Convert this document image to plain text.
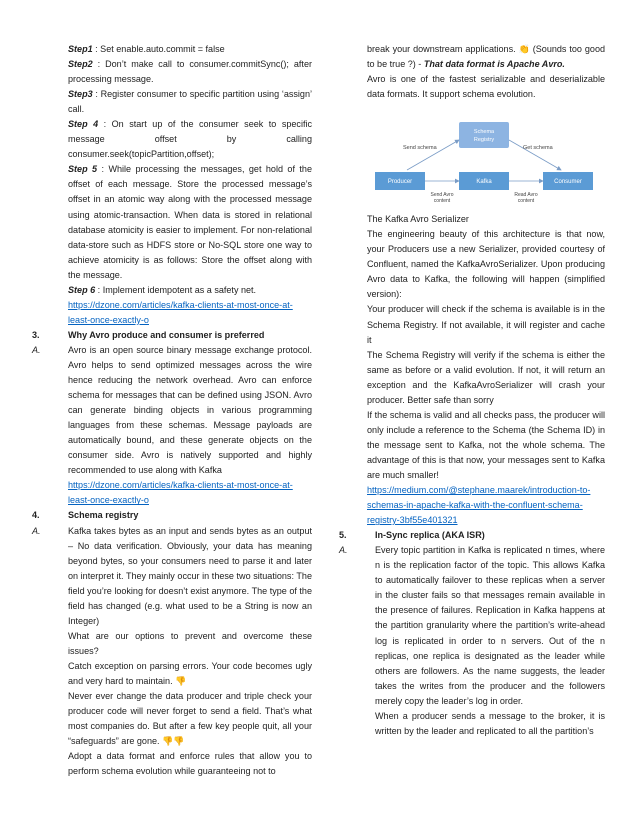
Step1 : Set enable.auto.commit = false

Step2 : Don’t make call to consumer.commitSync(); after processing message.

Step3 : Register consumer to specific partition using ‘assign’ call.

Step 4 : On start up of the consumer seek to specific message offset by calling consumer.seek(topicPartition,offset);

Step 5 : While processing the messages, get hold of the offset of each message. Store the processed message’s offset in an atomic way along with the processed message using atomic-transaction. When data is stored in relational database atomicity is easier to implement. For non-relational data-store such as HDFS store or No-SQL store one way to achieve atomicity is as follows: Store the offset along with the message.

Step 6 : Implement idempotent as a safety net.

https://dzone.com/articles/kafka-clients-at-most-once-at-least-once-exactly-o

3.	Why Avro produce and consumer is preferred

A.	Avro is an open source binary message exchange protocol. Avro helps to send optimized messages across the wire hence reducing the network overhead. Avro can enforce schema for messages that can be defined using JSON. Avro can generate binding objects in various programming languages from these schemas. Message payloads are automatically bound, and these generate objects on the consumer side. Avro is natively supported and highly recommended to use along with Kafka

https://dzone.com/articles/kafka-clients-at-most-once-at-least-once-exactly-o

4.	Schema registry

A.	Kafka takes bytes as an input and sends bytes as an output – No data verification. Obviously, your data has meaning beyond bytes, so your consumers need to parse it and later on interpret it. They mainly occur in these two situations: The field you’re looking for doesn’t exist anymore. The type of the field has changed (e.g. what used to be a String is now an Integer)

What are our options to prevent and overcome these issues?

Catch exception on parsing errors. Your code becomes ugly and very hard to maintain. 👎

Never ever change the data producer and triple check your producer code will never forget to send a field. That’s what most companies do. But after a few key people quit, all your “safeguards” are gone. 👎👎

Adopt a data format and enforce rules that allow you to perform schema evolution while guaranteeing not to

break your downstream applications. 👏 (Sounds too good to be true ?) - That data format is Apache Avro.

Avro is one of the fastest serializable and deserializable data formats. It support schema evolution.

Schema
Registry
Producer	Kafka	Consumer
Send schema	Get schema
Send Avro
content
Read Avro
content

The Kafka Avro Serializer

The engineering beauty of this architecture is that now, your Producers use a new Serializer, provided courtesy of Confluent, named the KafkaAvroSerializer. Upon producing Avro data to Kafka, the following will happen (simplified version):

Your producer will check if the schema is available is in the Schema Registry. If not available, it will register and cache it

The Schema Registry will verify if the schema is either the same as before or a valid evolution. If not, it will return an exception and the KafkaAvroSerializer will crash your producer. Better safe than sorry

If the schema is valid and all checks pass, the producer will only include a reference to the Schema (the Schema ID) in the message sent to Kafka, not the whole schema. The advantage of this is that now, your messages sent to Kafka are much smaller!

https://medium.com/@stephane.maarek/introduction-to-schemas-in-apache-kafka-with-the-confluent-schema-registry-3bf55e401321

5.	In-Sync replica (AKA ISR)

A.	Every topic partition in Kafka is replicated n times, where n is the replication factor of the topic. This allows Kafka to automatically failover to these replicas when a server in the cluster fails so that messages remain available in the presence of failures. Replication in Kafka happens at the partition granularity where the partition’s write-ahead log is replicated in order to n servers. Out of the n replicas, one replica is designated as the leader while others are followers. As the name suggests, the leader takes the writes from the producer and the followers merely copy the leader’s log in order.

When a producer sends a message to the broker, it is written by the leader and replicated to all the partition’s
